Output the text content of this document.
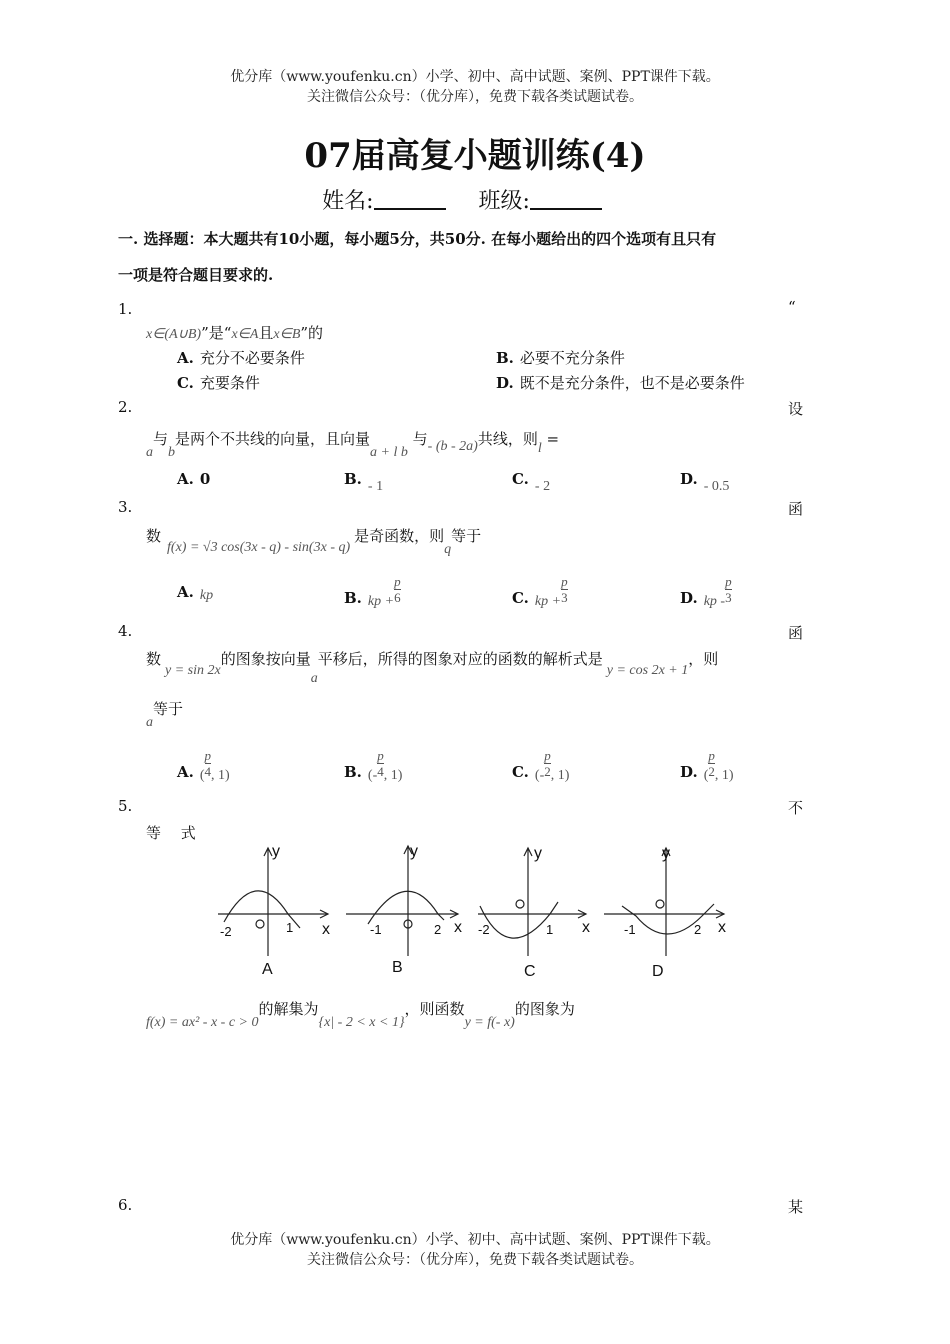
优分库（www.youfenku.cn）小学、初中、高中试题、案例、PPT课件下载。
关注微信公众号：（优分库），免费下载各类试题试卷。
07届高复小题训练(4)
姓名:	班级:
一. 选择题：本大题共有10小题，每小题5分，共50分. 在每小题给出的四个选项有且只有
一项是符合题目要求的.
1.	“
x∈(A∪B)”是“x∈A且x∈B”的
A. 充分不必要条件	B. 必要不充分条件
C. 充要条件	D. 既不是充分条件，也不是必要条件
2.	设
a与b是两个不共线的向量，且向量a + l b 与- (b - 2a)共线，则l =
A. 0	B. - 1	C. - 2	D. - 0.5
3.	函
数f(x) = √3 cos(3x - q) - sin(3x - q)是奇函数，则q等于
A. kp	B. kp + $\frac{p}{6}$	C. kp + $\frac{p}{3}$	D. kp - $\frac{p}{3}$
4.	函
数y = sin 2x的图象按向量a平移后，所得的图象对应的函数的解析式是y = cos 2x + 1，则
a等于
A. ( $\frac{p}{4}$ , 1)	B. (- $\frac{p}{4}$ , 1)	C. (- $\frac{p}{2}$ , 1)	D. ( $\frac{p}{2}$ , 1)
5.	不
等　 式
y
x
-2	1
A
y
x
-1	2
B
y
x
-2	1
C
y
x
-1	2
D
O
O	O
O	O
f(x) = ax² - x - c > 0的解集为{x| - 2 < x < 1}，则函数y = f(- x)的图象为
6.	某
优分库（www.youfenku.cn）小学、初中、高中试题、案例、PPT课件下载。
关注微信公众号：（优分库），免费下载各类试题试卷。
